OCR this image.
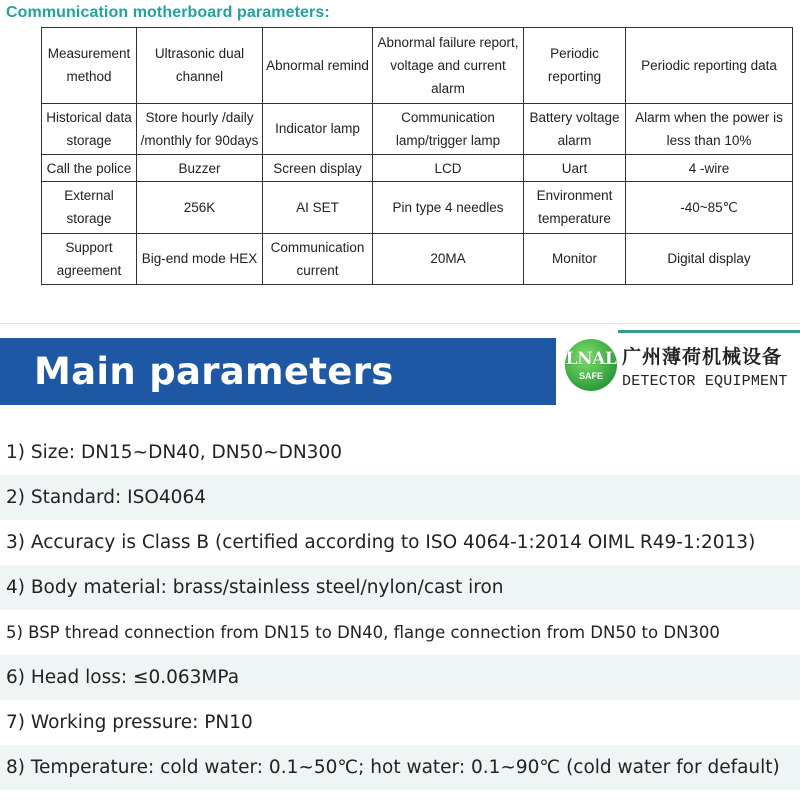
Communication motherboard parameters:
Measurement method	Ultrasonic dual channel	Abnormal remind	Abnormal failure report, voltage and current alarm	Periodic reporting	Periodic reporting data
Historical data storage	Store hourly /daily /monthly for 90days	Indicator lamp	Communication lamp/trigger lamp	Battery voltage alarm	Alarm when the power is less than 10%
Call the police	Buzzer	Screen display	LCD	Uart	4 -wire
External storage	256K	AI SET	Pin type 4 needles	Environment temperature	-40~85℃
Support agreement	Big-end mode HEX	Communication current	20MA	Monitor	Digital display
Main parameters	LNAL
SAFE

广州薄荷机械设备

DETECTOR EQUIPMENT

1) Size: DN15~DN40, DN50~DN300
2) Standard: ISO4064
3) Accuracy is Class B (certified according to ISO 4064-1:2014 OIML R49-1:2013)
4) Body material: brass/stainless steel/nylon/cast iron
5) BSP thread connection from DN15 to DN40, flange connection from DN50 to DN300
6) Head loss: ≤0.063MPa
7) Working pressure: PN10
8) Temperature: cold water: 0.1~50℃; hot water: 0.1~90℃ (cold water for default)
